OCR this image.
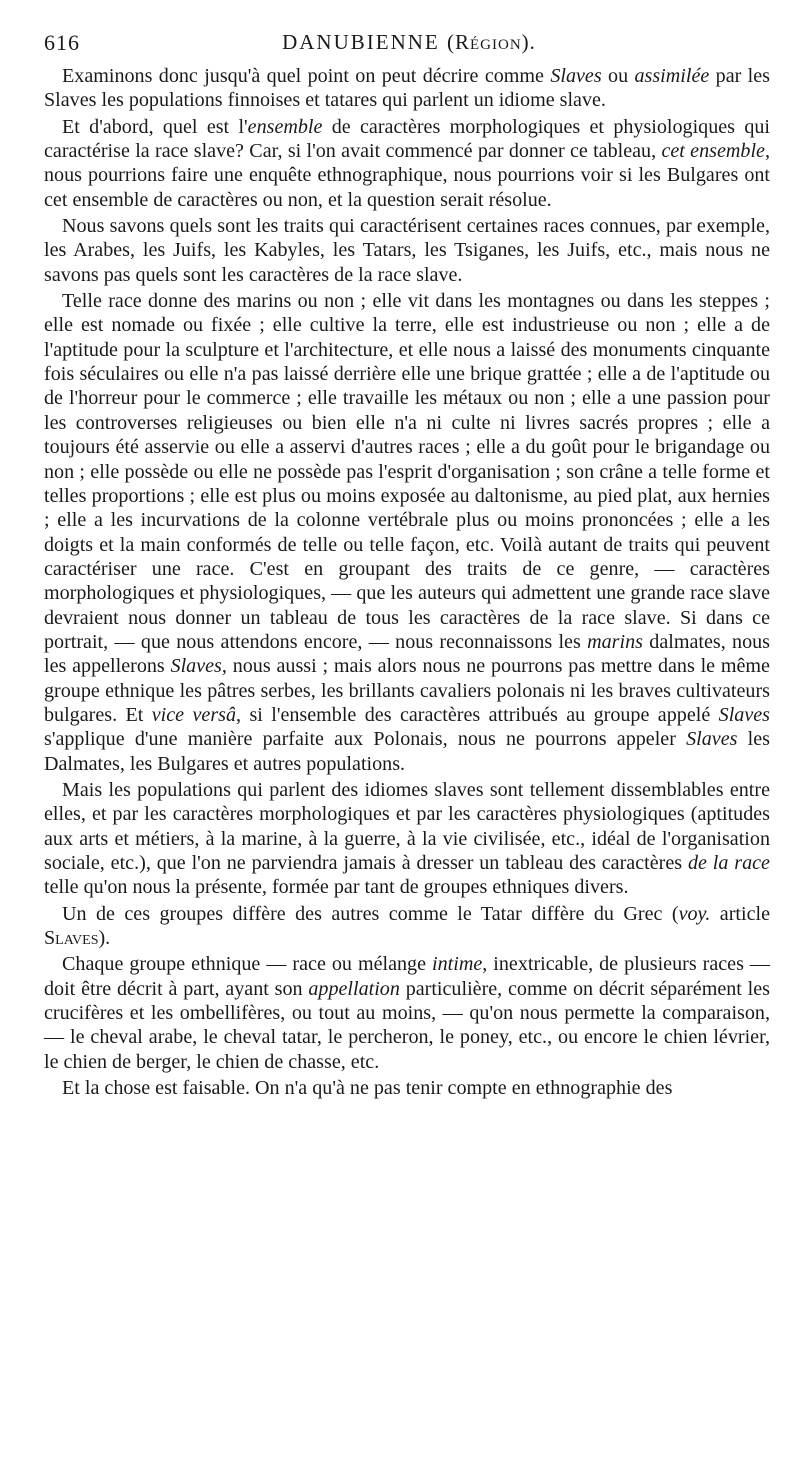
616	DANUBIENNE (Région).

Examinons donc jusqu'à quel point on peut décrire comme Slaves ou assimilée par les Slaves les populations finnoises et tatares qui parlent un idiome slave.

Et d'abord, quel est l'ensemble de caractères morphologiques et physiologiques qui caractérise la race slave? Car, si l'on avait commencé par donner ce tableau, cet ensemble, nous pourrions faire une enquête ethnographique, nous pourrions voir si les Bulgares ont cet ensemble de caractères ou non, et la question serait résolue.

Nous savons quels sont les traits qui caractérisent certaines races connues, par exemple, les Arabes, les Juifs, les Kabyles, les Tatars, les Tsiganes, les Juifs, etc., mais nous ne savons pas quels sont les caractères de la race slave.

Telle race donne des marins ou non ; elle vit dans les montagnes ou dans les steppes ; elle est nomade ou fixée ; elle cultive la terre, elle est industrieuse ou non ; elle a de l'aptitude pour la sculpture et l'architecture, et elle nous a laissé des monuments cinquante fois séculaires ou elle n'a pas laissé derrière elle une brique grattée ; elle a de l'aptitude ou de l'horreur pour le commerce ; elle travaille les métaux ou non ; elle a une passion pour les controverses religieuses ou bien elle n'a ni culte ni livres sacrés propres ; elle a toujours été asservie ou elle a asservi d'autres races ; elle a du goût pour le brigandage ou non ; elle possède ou elle ne possède pas l'esprit d'organisation ; son crâne a telle forme et telles proportions ; elle est plus ou moins exposée au daltonisme, au pied plat, aux hernies ; elle a les incurvations de la colonne vertébrale plus ou moins prononcées ; elle a les doigts et la main conformés de telle ou telle façon, etc. Voilà autant de traits qui peuvent caractériser une race. C'est en groupant des traits de ce genre, — caractères morphologiques et physiologiques, — que les auteurs qui admettent une grande race slave devraient nous donner un tableau de tous les caractères de la race slave. Si dans ce portrait, — que nous attendons encore, — nous reconnaissons les marins dalmates, nous les appellerons Slaves, nous aussi ; mais alors nous ne pourrons pas mettre dans le même groupe ethnique les pâtres serbes, les brillants cavaliers polonais ni les braves cultivateurs bulgares. Et vice versâ, si l'ensemble des caractères attribués au groupe appelé Slaves s'applique d'une manière parfaite aux Polonais, nous ne pourrons appeler Slaves les Dalmates, les Bulgares et autres populations.

Mais les populations qui parlent des idiomes slaves sont tellement dissemblables entre elles, et par les caractères morphologiques et par les caractères physiologiques (aptitudes aux arts et métiers, à la marine, à la guerre, à la vie civilisée, etc., idéal de l'organisation sociale, etc.), que l'on ne parviendra jamais à dresser un tableau des caractères de la race telle qu'on nous la présente, formée par tant de groupes ethniques divers.

Un de ces groupes diffère des autres comme le Tatar diffère du Grec (voy. article Slaves).

Chaque groupe ethnique — race ou mélange intime, inextricable, de plusieurs races — doit être décrit à part, ayant son appellation particulière, comme on décrit séparément les crucifères et les ombellifères, ou tout au moins, — qu'on nous permette la comparaison, — le cheval arabe, le cheval tatar, le percheron, le poney, etc., ou encore le chien lévrier, le chien de berger, le chien de chasse, etc.

Et la chose est faisable. On n'a qu'à ne pas tenir compte en ethnographie des
